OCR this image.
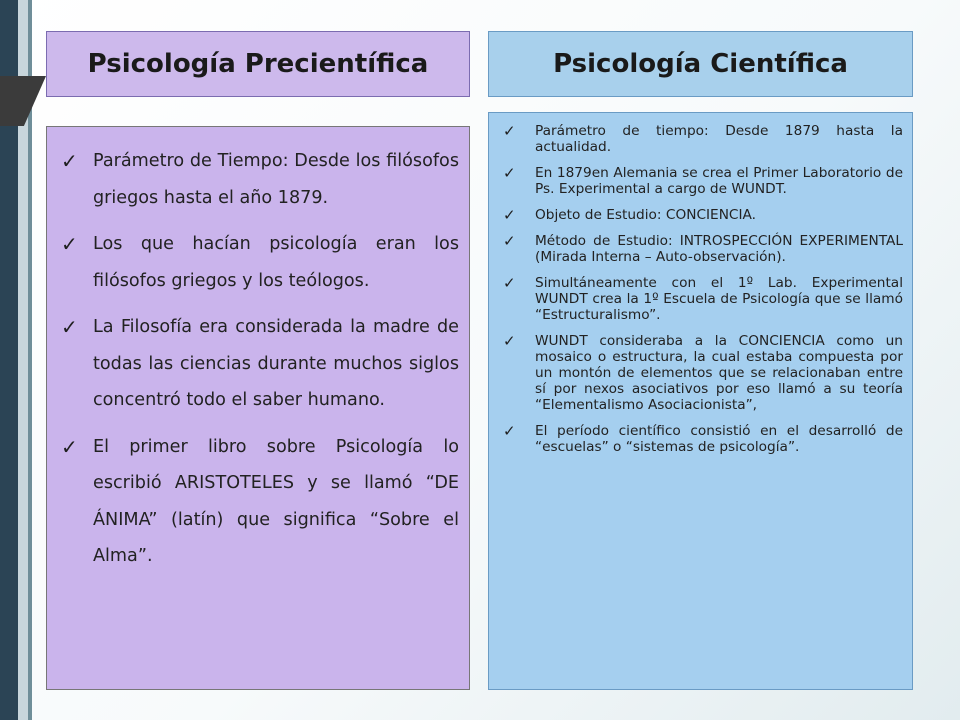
Psicología Precientífica	Psicología Científica
✓ Parámetro de Tiempo: Desde los filósofos griegos hasta el año 1879.
✓ Los que hacían psicología eran los filósofos griegos y los teólogos.
✓ La Filosofía era considerada la madre de todas las ciencias durante muchos siglos concentró todo el saber humano.
✓ El primer libro sobre Psicología lo escribió ARISTOTELES y se llamó “DE ÁNIMA” (latín) que significa “Sobre el Alma”.
✓ Parámetro de tiempo: Desde 1879 hasta la actualidad.
✓ En 1879en Alemania se crea el Primer Laboratorio de Ps. Experimental a cargo de WUNDT.
✓ Objeto de Estudio: CONCIENCIA.
✓ Método de Estudio: INTROSPECCIÓN EXPERIMENTAL (Mirada Interna – Auto-observación).
✓ Simultáneamente con el 1º Lab. Experimental WUNDT crea la 1º Escuela de Psicología que se llamó “Estructuralismo”.
✓ WUNDT consideraba a la CONCIENCIA como un mosaico o estructura, la cual estaba compuesta por un montón de elementos que se relacionaban entre sí por nexos asociativos por eso llamó a su teoría “Elementalismo Asociacionista”,
✓ El período científico consistió en el desarrolló de “escuelas” o “sistemas de psicología”.
